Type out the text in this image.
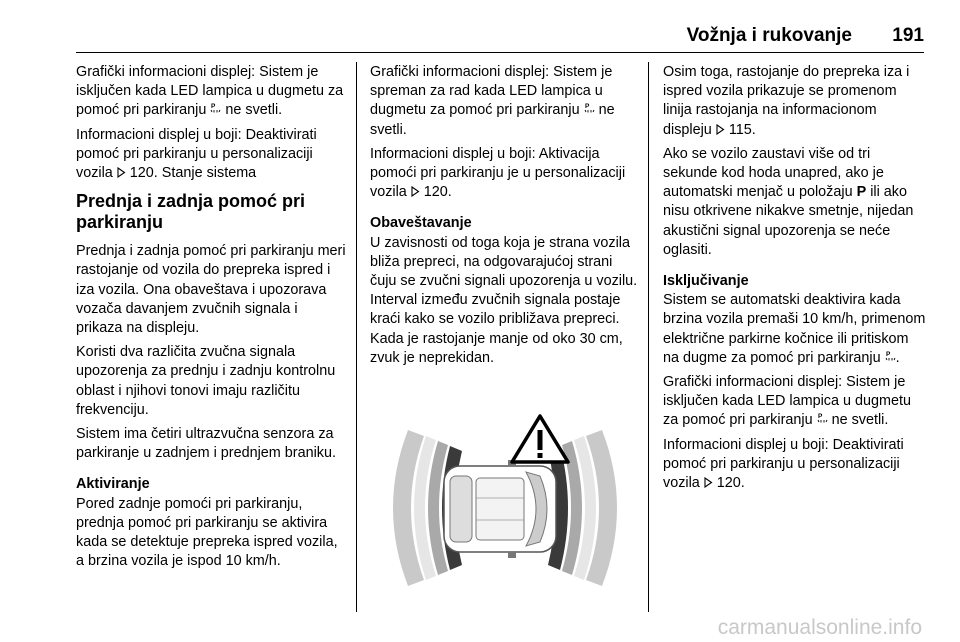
Vožnja i rukovanje 191

Grafički informacioni displej: Sistem je isključen kada LED lampica u dugmetu za pomoć pri parkiranju P ne svetli.

Informacioni displej u boji: Deaktivirati pomoć pri parkiranju u personalizaciji vozila 120. Stanje sistema

Prednja i zadnja pomoć pri parkiranju

Prednja i zadnja pomoć pri parkiranju meri rastojanje od vozila do prepreka ispred i iza vozila. Ona obaveštava i upozorava vozača davanjem zvučnih signala i prikaza na displeju.

Koristi dva različita zvučna signala upozorenja za prednju i zadnju kontrolnu oblast i njihovi tonovi imaju različitu frekvenciju.

Sistem ima četiri ultrazvučna senzora za parkiranje u zadnjem i prednjem braniku.

Aktiviranje

Pored zadnje pomoći pri parkiranju, prednja pomoć pri parkiranju se aktivira kada se detektuje prepreka ispred vozila, a brzina vozila je ispod 10 km/h.

Grafički informacioni displej: Sistem je spreman za rad kada LED lampica u dugmetu za pomoć pri parkiranju P ne svetli.

Informacioni displej u boji: Aktivacija pomoći pri parkiranju je u personalizaciji vozila 120.

Obaveštavanje

U zavisnosti od toga koja je strana vozila bliža prepreci, na odgovarajućoj strani čuju se zvučni signali upozorenja u vozilu. Interval između zvučnih signala postaje kraći kako se vozilo približava prepreci. Kada je rastojanje manje od oko 30 cm, zvuk je neprekidan.

Osim toga, rastojanje do prepreka iza i ispred vozila prikazuje se promenom linija rastojanja na informacionom displeju 115.

Ako se vozilo zaustavi više od tri sekunde kod hoda unapred, ako je automatski menjač u položaju P ili ako nisu otkrivene nikakve smetnje, nijedan akustični signal upozorenja se neće oglasiti.

Isključivanje

Sistem se automatski deaktivira kada brzina vozila premaši 10 km/h, primenom električne parkirne kočnice ili pritiskom na dugme za pomoć pri parkiranju P .

Grafički informacioni displej: Sistem je isključen kada LED lampica u dugmetu za pomoć pri parkiranju P ne svetli.

Informacioni displej u boji: Deaktivirati pomoć pri parkiranju u personalizaciji vozila 120.

carmanualsonline.info
